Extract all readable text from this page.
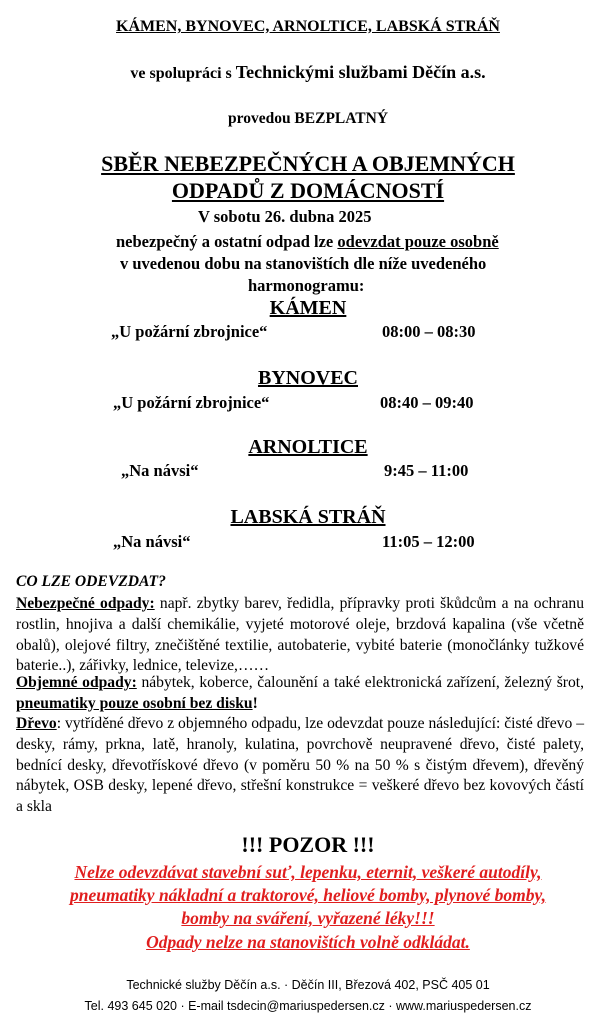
KÁMEN, BYNOVEC, ARNOLTICE, LABSKÁ STRÁŇ
ve spolupráci s Technickými službami Děčín a.s.
provedou BEZPLATNÝ
SBĚR NEBEZPEČNÝCH A OBJEMNÝCH
ODPADŮ Z DOMÁCNOSTÍ
V sobotu 26. dubna 2025
nebezpečný a ostatní odpad lze odevzdat pouze osobně
v uvedenou dobu na stanovištích dle níže uvedeného
harmonogramu:
KÁMEN
„U požární zbrojnice“	08:00 – 08:30
BYNOVEC
„U požární zbrojnice“	08:40 – 09:40
ARNOLTICE
„Na návsi“	9:45 – 11:00
LABSKÁ STRÁŇ
„Na návsi“	11:05 – 12:00
CO LZE ODEVZDAT?
Nebezpečné odpady: např. zbytky barev, ředidla, přípravky proti škůdcům a na ochranu rostlin, hnojiva a další chemikálie, vyjeté motorové oleje, brzdová kapalina (vše včetně obalů), olejové filtry, znečištěné textilie, autobaterie, vybité baterie (monočlánky tužkové baterie..), zářivky, lednice, televize,……
Objemné odpady: nábytek, koberce, čalounění a také elektronická zařízení, železný šrot, pneumatiky pouze osobní bez disku!
Dřevo: vytříděné dřevo z objemného odpadu, lze odevzdat pouze následující: čisté dřevo – desky, rámy, prkna, latě, hranoly, kulatina, povrchově neupravené dřevo, čisté palety, bednící desky, dřevotřískové dřevo (v poměru 50 % na 50 % s čistým dřevem), dřevěný nábytek, OSB desky, lepené dřevo, střešní konstrukce = veškeré dřevo bez kovových částí a skla
!!! POZOR !!!
Nelze odevzdávat stavební suť, lepenku, eternit, veškeré autodíly,
pneumatiky nákladní a traktorové, heliové bomby, plynové bomby,
bomby na sváření, vyřazené léky!!!
Odpady nelze na stanovištích volně odkládat.
Technické služby Děčín a.s. · Děčín III, Březová 402, PSČ 405 01
Tel. 493 645 020 · E-mail tsdecin@mariuspedersen.cz · www.mariuspedersen.cz
